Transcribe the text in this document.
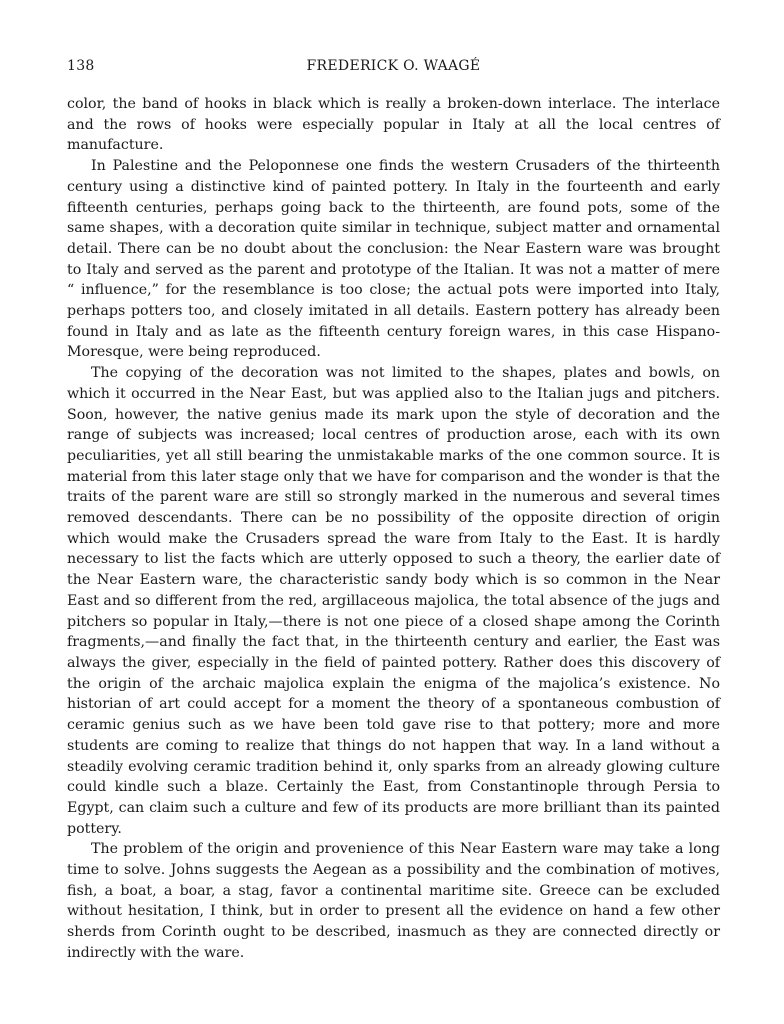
138	FREDERICK O. WAAGÉ

color, the band of hooks in black which is really a broken-down interlace. The interlace and the rows of hooks were especially popular in Italy at all the local centres of manufacture.

In Palestine and the Peloponnese one finds the western Crusaders of the thirteenth century using a distinctive kind of painted pottery. In Italy in the fourteenth and early fifteenth centuries, perhaps going back to the thirteenth, are found pots, some of the same shapes, with a decoration quite similar in technique, subject matter and ornamental detail. There can be no doubt about the conclusion: the Near Eastern ware was brought to Italy and served as the parent and prototype of the Italian. It was not a matter of mere “ influence,” for the resemblance is too close; the actual pots were imported into Italy, perhaps potters too, and closely imitated in all details. Eastern pottery has already been found in Italy and as late as the fifteenth century foreign wares, in this case Hispano-Moresque, were being reproduced.

The copying of the decoration was not limited to the shapes, plates and bowls, on which it occurred in the Near East, but was applied also to the Italian jugs and pitchers. Soon, however, the native genius made its mark upon the style of decoration and the range of subjects was increased; local centres of production arose, each with its own peculiarities, yet all still bearing the unmistakable marks of the one common source. It is material from this later stage only that we have for comparison and the wonder is that the traits of the parent ware are still so strongly marked in the numerous and several times removed descendants. There can be no possibility of the opposite direction of origin which would make the Crusaders spread the ware from Italy to the East. It is hardly necessary to list the facts which are utterly opposed to such a theory, the earlier date of the Near Eastern ware, the characteristic sandy body which is so common in the Near East and so different from the red, argillaceous majolica, the total absence of the jugs and pitchers so popular in Italy,—there is not one piece of a closed shape among the Corinth fragments,—and finally the fact that, in the thirteenth century and earlier, the East was always the giver, especially in the field of painted pottery. Rather does this discovery of the origin of the archaic majolica explain the enigma of the majolica’s existence. No historian of art could accept for a moment the theory of a spontaneous combustion of ceramic genius such as we have been told gave rise to that pottery; more and more students are coming to realize that things do not happen that way. In a land without a steadily evolving ceramic tradition behind it, only sparks from an already glowing culture could kindle such a blaze. Certainly the East, from Constantinople through Persia to Egypt, can claim such a culture and few of its products are more brilliant than its painted pottery.

The problem of the origin and provenience of this Near Eastern ware may take a long time to solve. Johns suggests the Aegean as a possibility and the combination of motives, fish, a boat, a boar, a stag, favor a continental maritime site. Greece can be excluded without hesitation, I think, but in order to present all the evidence on hand a few other sherds from Corinth ought to be described, inasmuch as they are connected directly or indirectly with the ware.
